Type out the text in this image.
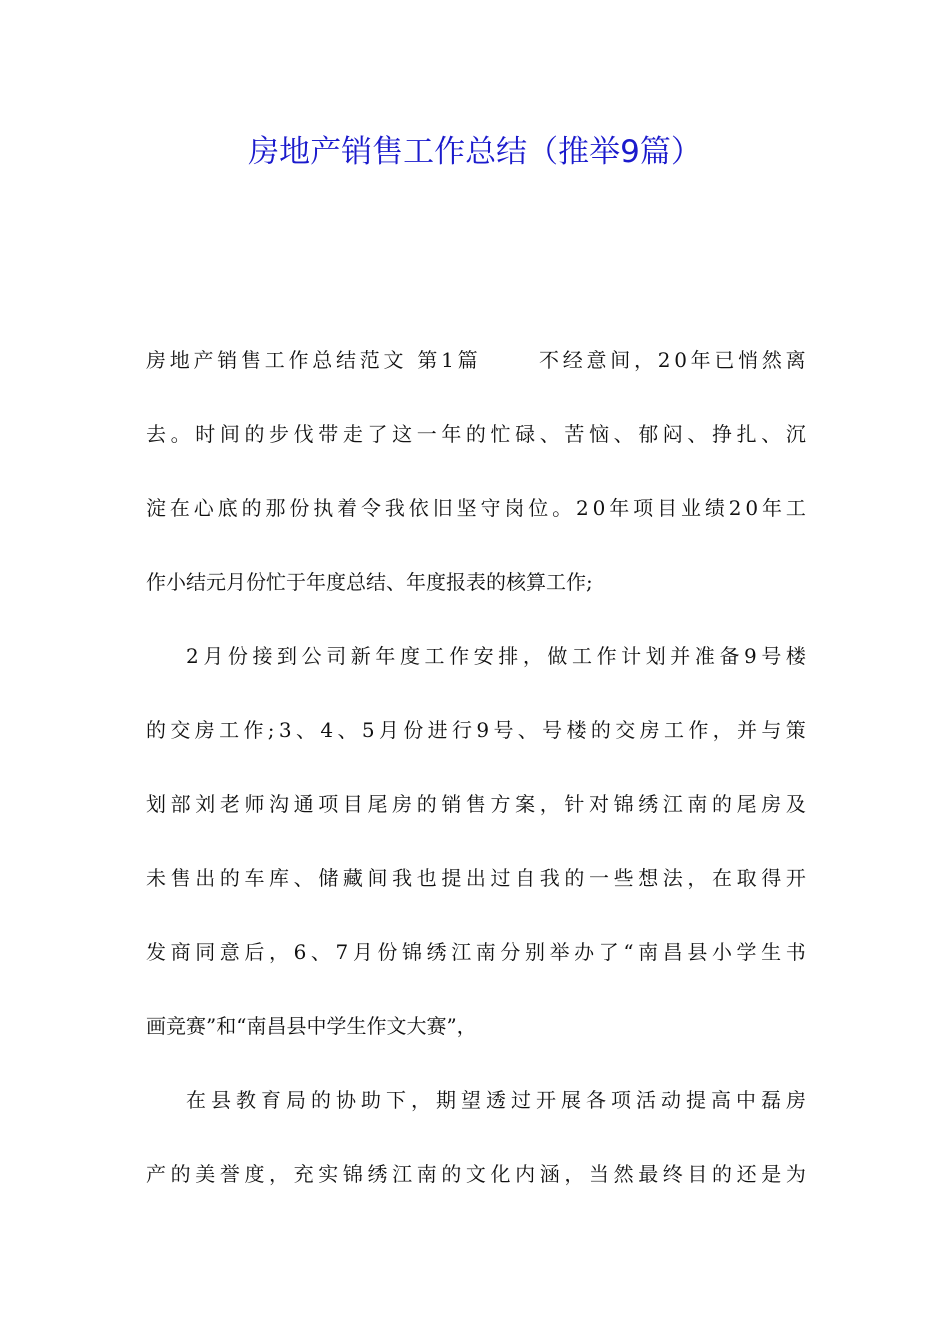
房地产销售工作总结（推举9篇）
房 地 产 销 售 工 作 总 结 范 文
第 1 篇

	不 经 意 间 ， 2 0 年 已 悄 然 离
去 。 时 间 的 步 伐 带 走 了 这 一 年 的 忙 碌 、 苦 恼 、 郁 闷 、 挣 扎 、 沉
淀 在 心 底 的 那 份 执 着 令 我 依 旧 坚 守 岗 位 。 2 0 年 项 目 业 绩 2 0 年 工
作小结元月份忙于年度总结、年度报表的核算工作;
2 月 份 接 到 公 司 新 年 度 工 作 安 排 ， 做 工 作 计 划 并 准 备 9 号 楼
的 交 房 工 作 ; 3 、 4 、 5 月 份 进 行 9 号 、 号 楼 的 交 房 工 作 ， 并 与 策
划 部 刘 老 师 沟 通 项 目 尾 房 的 销 售 方 案 ， 针 对 锦 绣 江 南 的 尾 房 及
未 售 出 的 车 库 、 储 藏 间 我 也 提 出 过 自 我 的 一 些 想 法 ， 在 取 得 开
发 商 同 意 后 ， 6 、 7 月 份 锦 绣 江 南 分 别 举 办 了 “ 南 昌 县 小 学 生 书
画竞赛”和“南昌县中学生作文大赛”，
在 县 教 育 局 的 协 助 下 ， 期 望 透 过 开 展 各 项 活 动 提 高 中 磊 房
产 的 美 誉 度 ， 充 实 锦 绣 江 南 的 文 化 内 涵 ， 当 然 最 终 目 的 还 是 为
